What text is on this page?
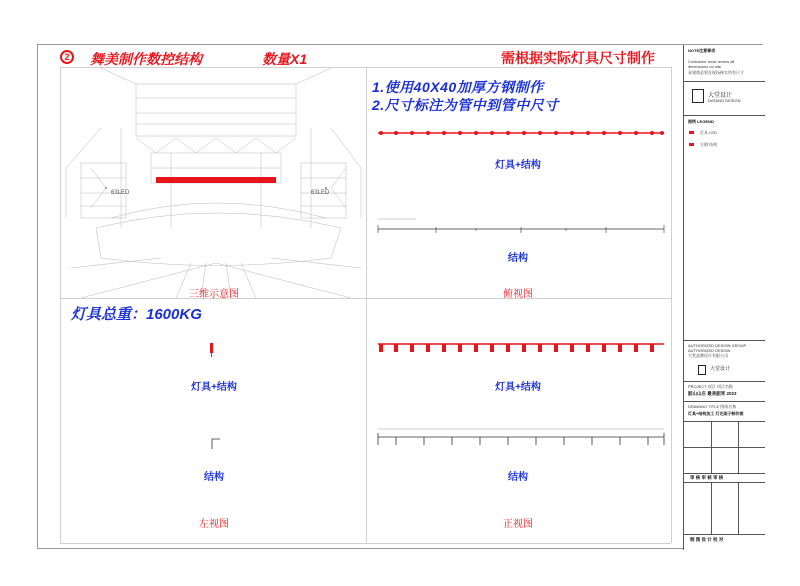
2	舞美制作数控结构	数量X1	需根据实际灯具尺寸制作
63LED	63LED
三维示意图
1.使用40X40加厚方钢制作
2.尺寸标注为管中到管中尺寸
灯具+结构
结构
俯视图
灯具总重：1600KG
灯具+结构
结构
左视图
灯具+结构
结构
正视图
NOTE注意事项
Contractor must review all
dimensions on site.
承建商必须在现场核实所有尺寸
大堂设计
DATANG DESIGN
图例 LEGEND
灯具 LED
方钢 结构
AUTHORIZED DESIGN GROUP
AUTHORIZED DESIGN
大堂品牌设计有限公司
大堂设计
PROJECT 项目 项目名称
韶山山庄 最美韶宵 2023
DRAWING TITLE 图纸名称
灯具+结构加工 灯光架子制作图
审 核 审 核 审 核
制 图 设 计 校 对
